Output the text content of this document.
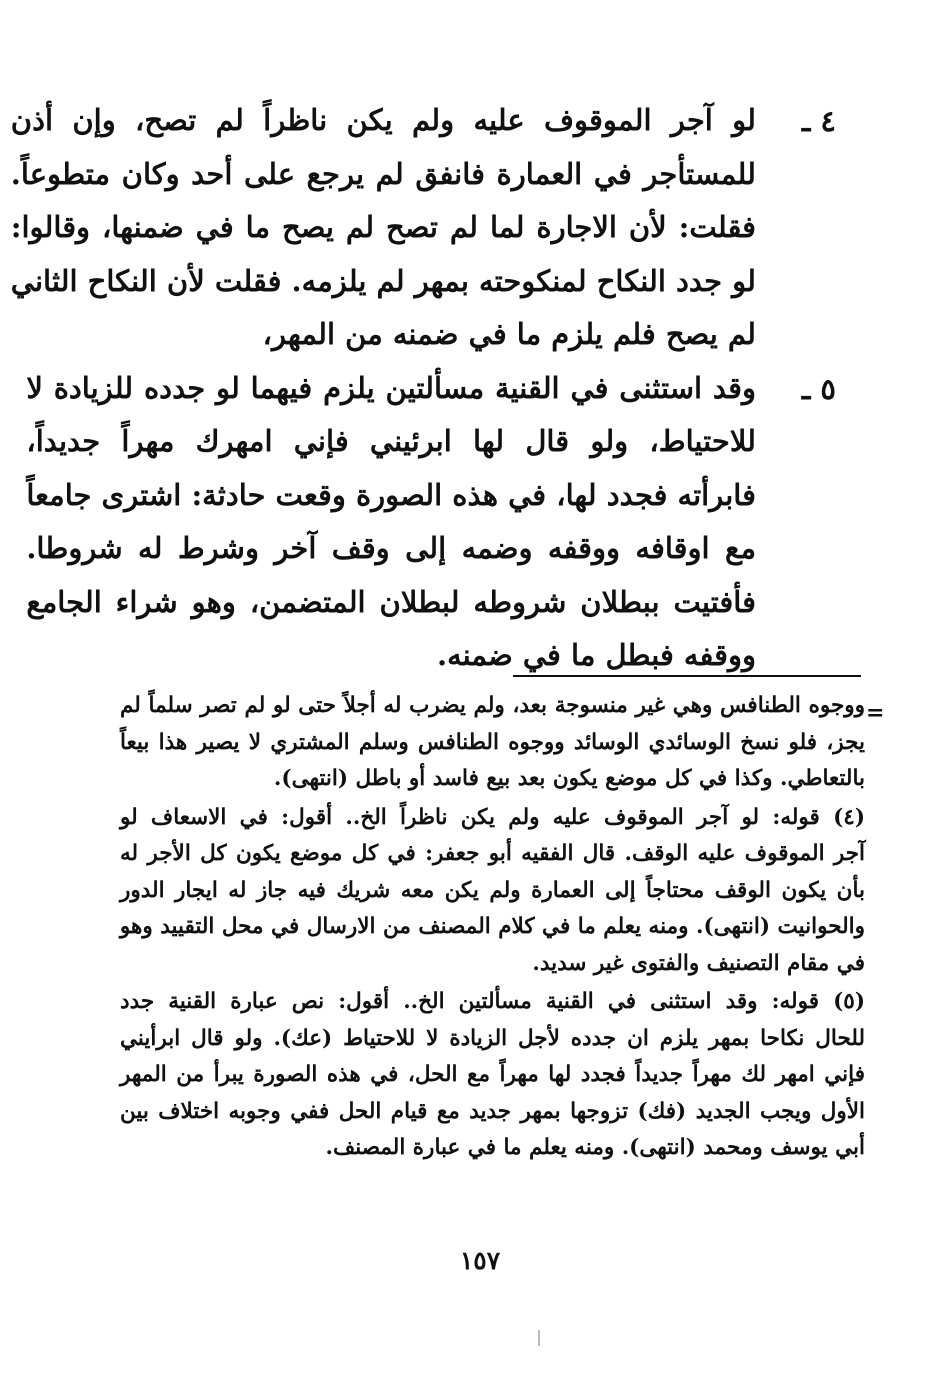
٤ ـ
لو آجر الموقوف عليه ولم يكن ناظراً لم تصح، وإن أذن
للمستأجر في العمارة فانفق لم يرجع على أحد وكان متطوعاً.
فقلت: لأن الاجارة لما لم تصح لم يصح ما في ضمنها، وقالوا:
لو جدد النكاح لمنكوحته بمهر لم يلزمه. فقلت لأن النكاح الثاني
لم يصح فلم يلزم ما في ضمنه من المهر،
٥ ـ
وقد استثنى في القنية مسألتين يلزم فيهما لو جدده للزيادة لا
للاحتياط، ولو قال لها ابرئيني فإني امهرك مهراً جديداً،
فابرأته فجدد لها، في هذه الصورة وقعت حادثة: اشترى جامعاً
مع اوقافه ووقفه وضمه إلى وقف آخر وشرط له شروطا.
فأفتيت ببطلان شروطه لبطلان المتضمن، وهو شراء الجامع
ووقفه فبطل ما في ضمنه.
=
ووجوه الطنافس وهي غير منسوجة بعد، ولم يضرب له أجلاً حتى لو لم تصر سلماً لم
يجز، فلو نسخ الوسائدي الوسائد ووجوه الطنافس وسلم المشتري لا يصير هذا بيعاً
بالتعاطي. وكذا في كل موضع يكون بعد بيع فاسد أو باطل (انتهى).
(٤) قوله: لو آجر الموقوف عليه ولم يكن ناظراً الخ.. أقول: في الاسعاف لو
آجر الموقوف عليه الوقف. قال الفقيه أبو جعفر: في كل موضع يكون كل الأجر له
بأن يكون الوقف محتاجاً إلى العمارة ولم يكن معه شريك فيه جاز له ايجار الدور
والحوانيت (انتهى). ومنه يعلم ما في كلام المصنف من الارسال في محل التقييد وهو
في مقام التصنيف والفتوى غير سديد.
(٥) قوله: وقد استثنى في القنية مسألتين الخ.. أقول: نص عبارة القنية جدد
للحال نكاحا بمهر يلزم ان جدده لأجل الزيادة لا للاحتياط (عك). ولو قال ابرأيني
فإني امهر لك مهراً جديداً فجدد لها مهراً مع الحل، في هذه الصورة يبرأ من المهر
الأول ويجب الجديد (فك) تزوجها بمهر جديد مع قيام الحل ففي وجوبه اختلاف بين
أبي يوسف ومحمد (انتهى). ومنه يعلم ما في عبارة المصنف.
١٥٧
